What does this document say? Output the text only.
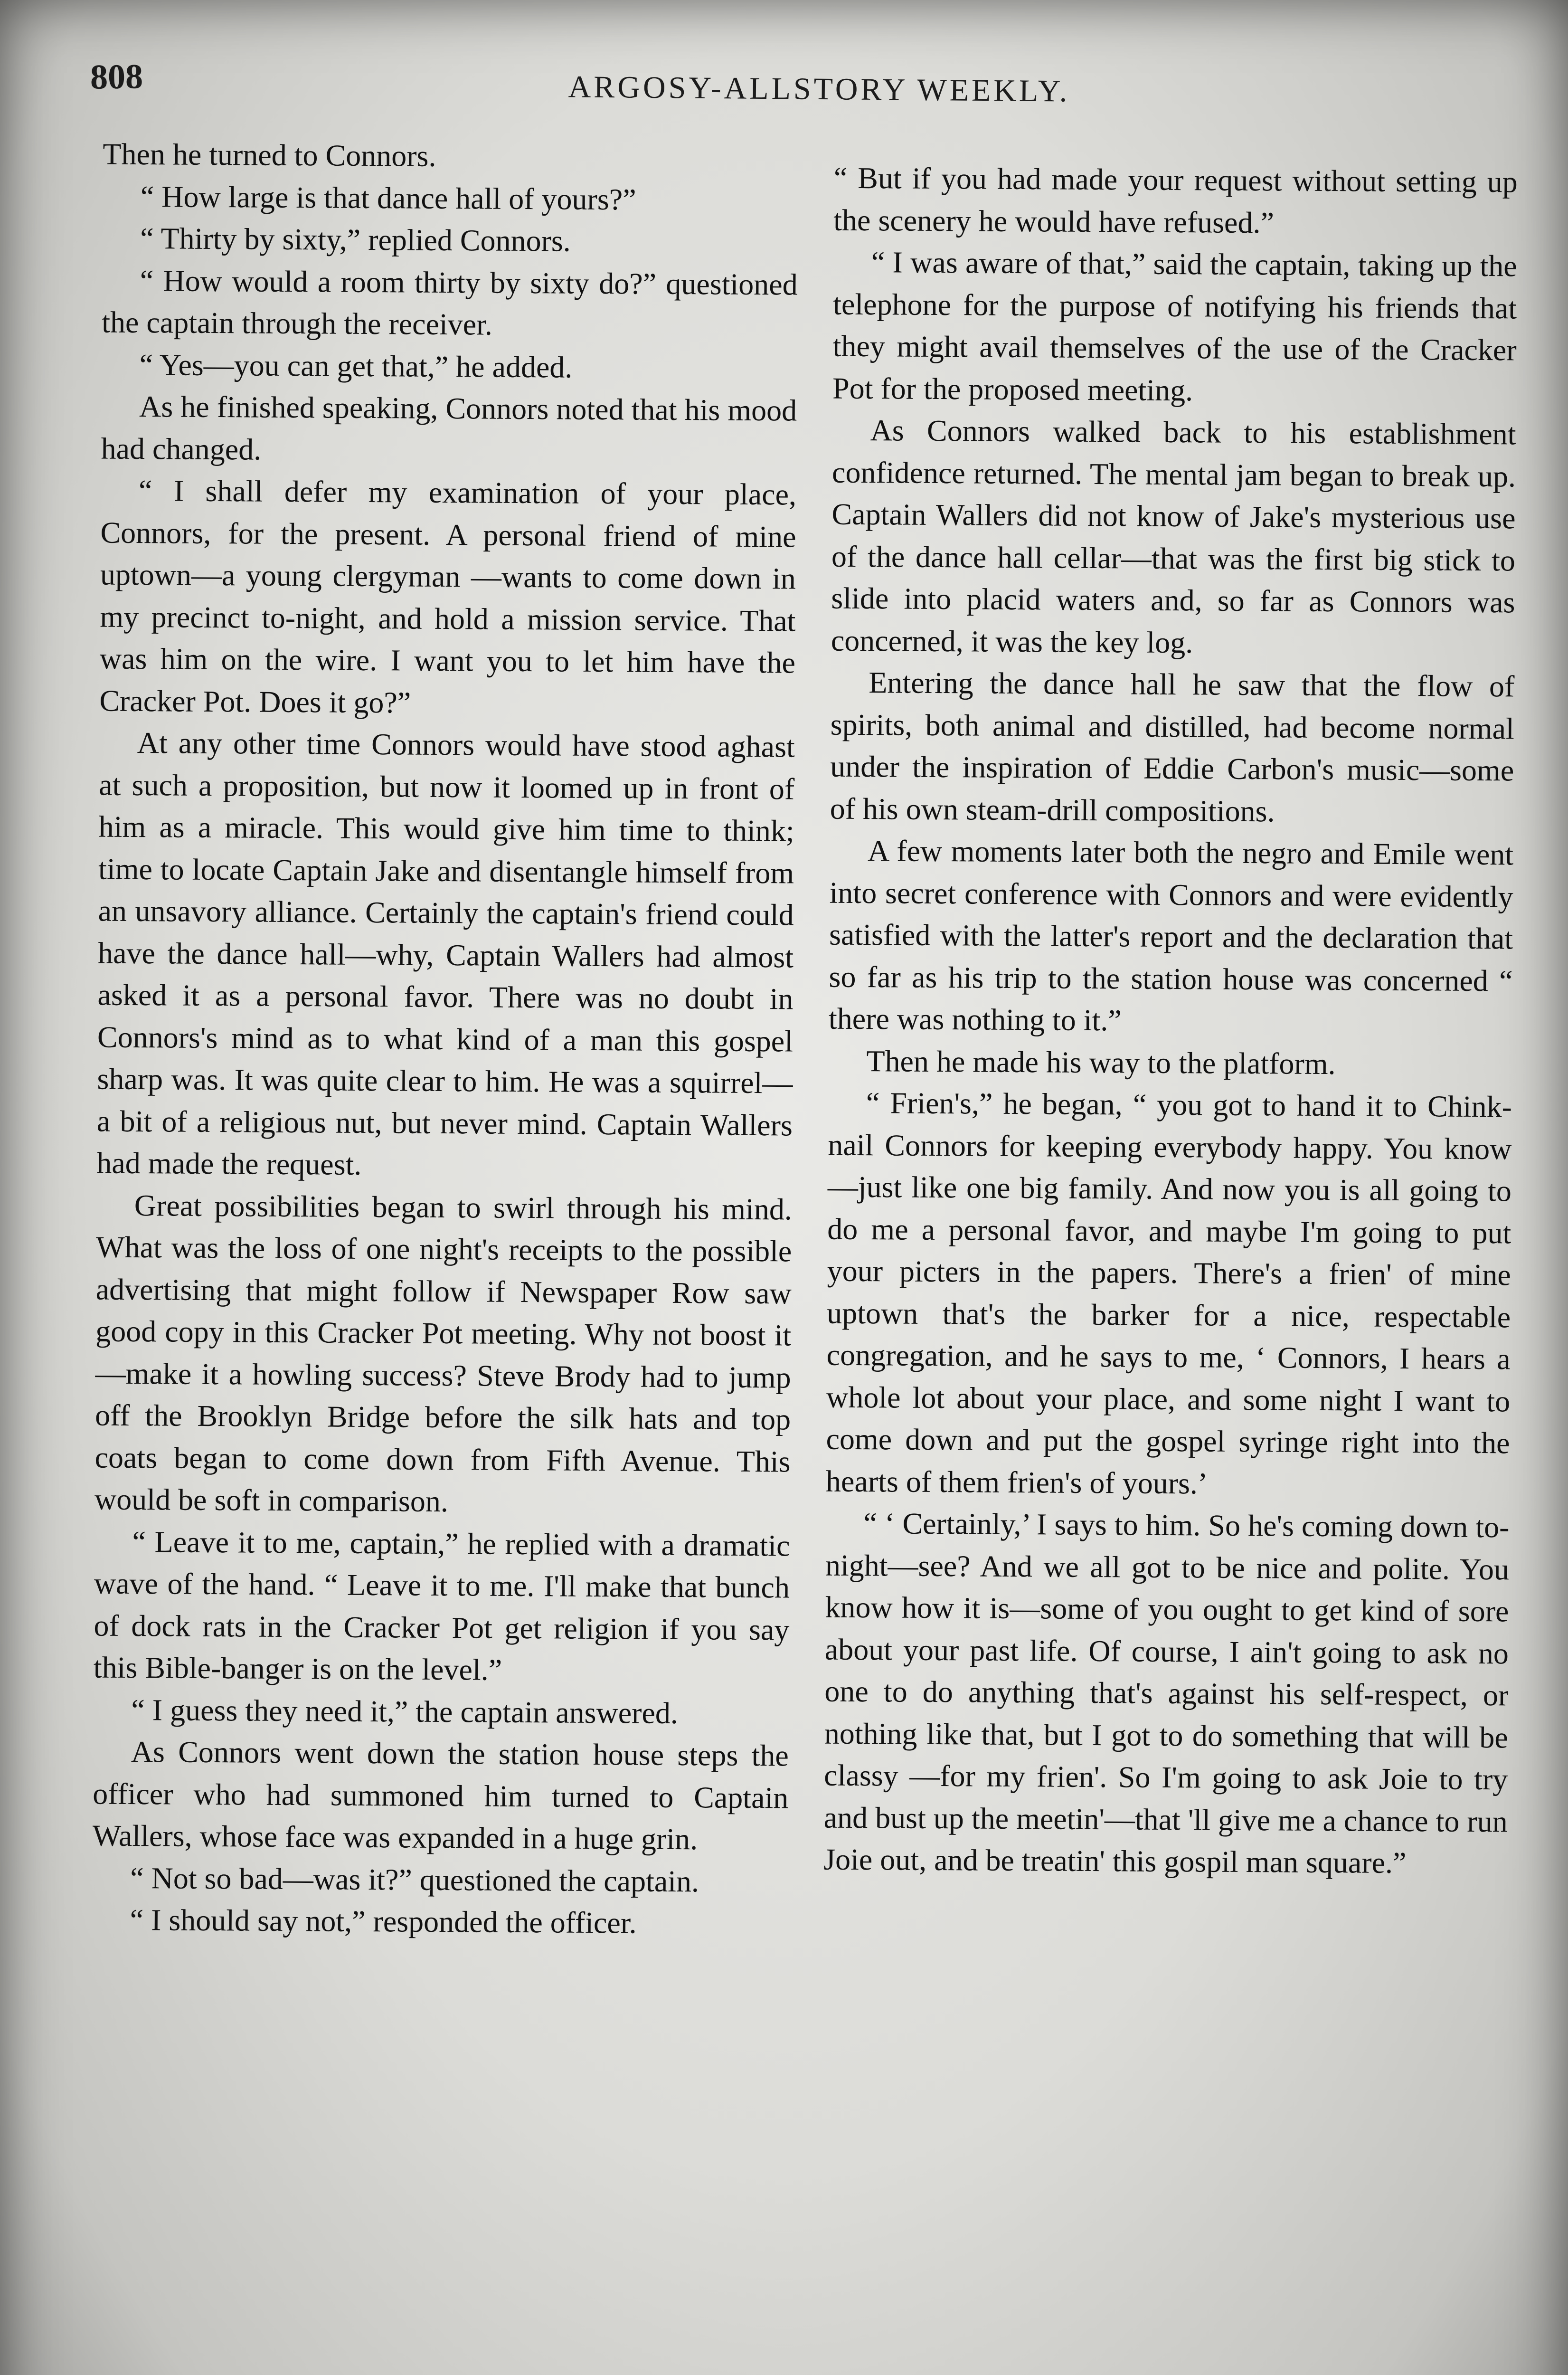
808	ARGOSY-ALLSTORY WEEKLY.

Then he turned to Connors.

“ How large is that dance hall of yours?”

“ Thirty by sixty,” replied Connors.

“ How would a room thirty by sixty do?” questioned the captain through the receiver.

“ Yes—you can get that,” he added.

As he finished speaking, Connors noted that his mood had changed.

“ I shall defer my examination of your place, Connors, for the present. A personal friend of mine uptown—a young clergyman —wants to come down in my precinct to-night, and hold a mission service. That was him on the wire. I want you to let him have the Cracker Pot. Does it go?”

At any other time Connors would have stood aghast at such a proposition, but now it loomed up in front of him as a miracle. This would give him time to think; time to locate Captain Jake and disentangle himself from an unsavory alliance. Certainly the captain's friend could have the dance hall—why, Captain Wallers had almost asked it as a personal favor. There was no doubt in Connors's mind as to what kind of a man this gospel sharp was. It was quite clear to him. He was a squirrel—a bit of a religious nut, but never mind. Captain Wallers had made the request.

Great possibilities began to swirl through his mind. What was the loss of one night's receipts to the possible advertising that might follow if Newspaper Row saw good copy in this Cracker Pot meeting. Why not boost it—make it a howling success? Steve Brody had to jump off the Brooklyn Bridge before the silk hats and top coats began to come down from Fifth Avenue. This would be soft in comparison.

“ Leave it to me, captain,” he replied with a dramatic wave of the hand. “ Leave it to me. I'll make that bunch of dock rats in the Cracker Pot get religion if you say this Bible-banger is on the level.”

“ I guess they need it,” the captain answered.

As Connors went down the station house steps the officer who had summoned him turned to Captain Wallers, whose face was expanded in a huge grin.

“ Not so bad—was it?” questioned the captain.

“ I should say not,” responded the officer.

“ But if you had made your request without setting up the scenery he would have refused.”

“ I was aware of that,” said the captain, taking up the telephone for the purpose of notifying his friends that they might avail themselves of the use of the Cracker Pot for the proposed meeting.

As Connors walked back to his establishment confidence returned. The mental jam began to break up. Captain Wallers did not know of Jake's mysterious use of the dance hall cellar—that was the first big stick to slide into placid waters and, so far as Connors was concerned, it was the key log.

Entering the dance hall he saw that the flow of spirits, both animal and distilled, had become normal under the inspiration of Eddie Carbon's music—some of his own steam-drill compositions.

A few moments later both the negro and Emile went into secret conference with Connors and were evidently satisfied with the latter's report and the declaration that so far as his trip to the station house was concerned “ there was nothing to it.”

Then he made his way to the platform.

“ Frien's,” he began, “ you got to hand it to Chink-nail Connors for keeping everybody happy. You know—just like one big family. And now you is all going to do me a personal favor, and maybe I'm going to put your picters in the papers. There's a frien' of mine uptown that's the barker for a nice, respectable congregation, and he says to me, ‘ Connors, I hears a whole lot about your place, and some night I want to come down and put the gospel syringe right into the hearts of them frien's of yours.’

“ ‘ Certainly,’ I says to him. So he's coming down to-night—see? And we all got to be nice and polite. You know how it is—some of you ought to get kind of sore about your past life. Of course, I ain't going to ask no one to do anything that's against his self-respect, or nothing like that, but I got to do something that will be classy —for my frien'. So I'm going to ask Joie to try and bust up the meetin'—that 'll give me a chance to run Joie out, and be treatin' this gospil man square.”
